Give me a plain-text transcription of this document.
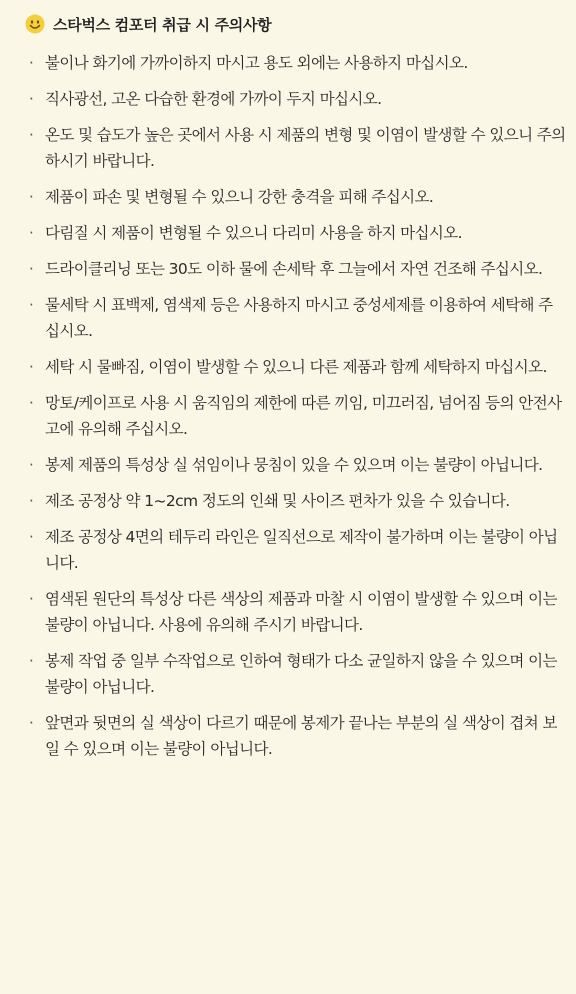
스타벅스 컴포터 취급 시 주의사항
· 불이나 화기에 가까이하지 마시고 용도 외에는 사용하지 마십시오.
· 직사광선, 고온 다습한 환경에 가까이 두지 마십시오.
· 온도 및 습도가 높은 곳에서 사용 시 제품의 변형 및 이염이 발생할 수 있으니 주의하시기 바랍니다.
· 제품이 파손 및 변형될 수 있으니 강한 충격을 피해 주십시오.
· 다림질 시 제품이 변형될 수 있으니 다리미 사용을 하지 마십시오.
· 드라이클리닝 또는 30도 이하 물에 손세탁 후 그늘에서 자연 건조해 주십시오.
· 물세탁 시 표백제, 염색제 등은 사용하지 마시고 중성세제를 이용하여 세탁해 주십시오.
· 세탁 시 물빠짐, 이염이 발생할 수 있으니 다른 제품과 함께 세탁하지 마십시오.
· 망토/케이프로 사용 시 움직임의 제한에 따른 끼임, 미끄러짐, 넘어짐 등의 안전사고에 유의해 주십시오.
· 봉제 제품의 특성상 실 섞임이나 뭉침이 있을 수 있으며 이는 불량이 아닙니다.
· 제조 공정상 약 1~2cm 정도의 인쇄 및 사이즈 편차가 있을 수 있습니다.
· 제조 공정상 4면의 테두리 라인은 일직선으로 제작이 불가하며 이는 불량이 아닙니다.
· 염색된 원단의 특성상 다른 색상의 제품과 마찰 시 이염이 발생할 수 있으며 이는 불량이 아닙니다. 사용에 유의해 주시기 바랍니다.
· 봉제 작업 중 일부 수작업으로 인하여 형태가 다소 균일하지 않을 수 있으며 이는 불량이 아닙니다.
· 앞면과 뒷면의 실 색상이 다르기 때문에 봉제가 끝나는 부분의 실 색상이 겹쳐 보일 수 있으며 이는 불량이 아닙니다.
